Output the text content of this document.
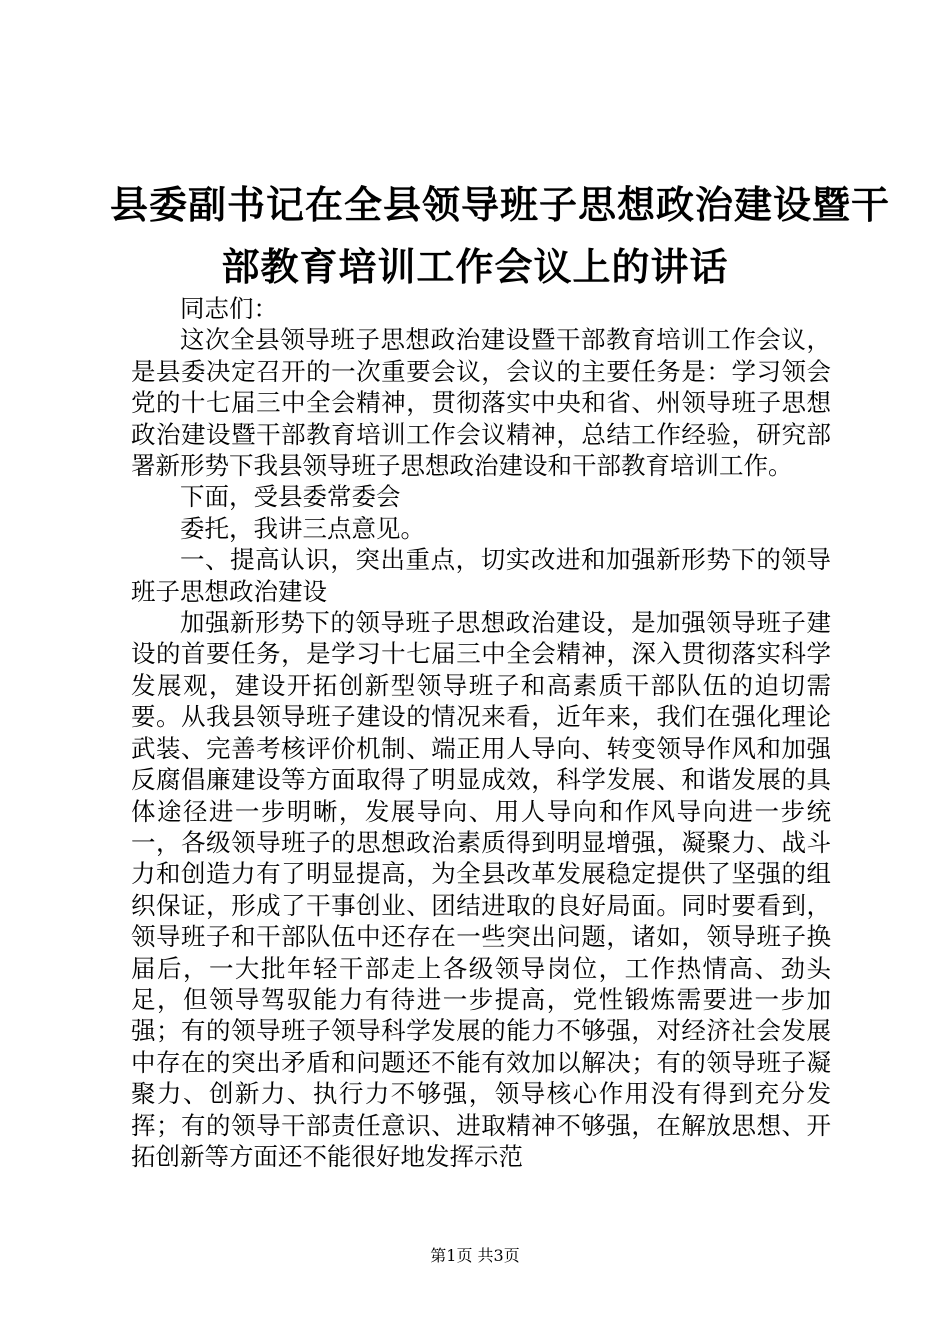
县委副书记在全县领导班子思想政治建设暨干
部教育培训工作会议上的讲话

同志们：

这次全县领导班子思想政治建设暨干部教育培训工作会议，是县委决定召开的一次重要会议，会议的主要任务是：学习领会党的十七届三中全会精神，贯彻落实中央和省、州领导班子思想政治建设暨干部教育培训工作会议精神，总结工作经验，研究部署新形势下我县领导班子思想政治建设和干部教育培训工作。

下面，受县委常委会

委托，我讲三点意见。

一、提高认识，突出重点，切实改进和加强新形势下的领导班子思想政治建设

加强新形势下的领导班子思想政治建设，是加强领导班子建设的首要任务，是学习十七届三中全会精神，深入贯彻落实科学发展观，建设开拓创新型领导班子和高素质干部队伍的迫切需要。从我县领导班子建设的情况来看，近年来，我们在强化理论武装、完善考核评价机制、端正用人导向、转变领导作风和加强反腐倡廉建设等方面取得了明显成效，科学发展、和谐发展的具体途径进一步明晰，发展导向、用人导向和作风导向进一步统一，各级领导班子的思想政治素质得到明显增强，凝聚力、战斗力和创造力有了明显提高，为全县改革发展稳定提供了坚强的组织保证，形成了干事创业、团结进取的良好局面。同时要看到，领导班子和干部队伍中还存在一些突出问题，诸如，领导班子换届后，一大批年轻干部走上各级领导岗位，工作热情高、劲头足，但领导驾驭能力有待进一步提高，党性锻炼需要进一步加强；有的领导班子领导科学发展的能力不够强，对经济社会发展中存在的突出矛盾和问题还不能有效加以解决；有的领导班子凝聚力、创新力、执行力不够强，领导核心作用没有得到充分发挥；有的领导干部责任意识、进取精神不够强，在解放思想、开拓创新等方面还不能很好地发挥示范

第1页 共3页
